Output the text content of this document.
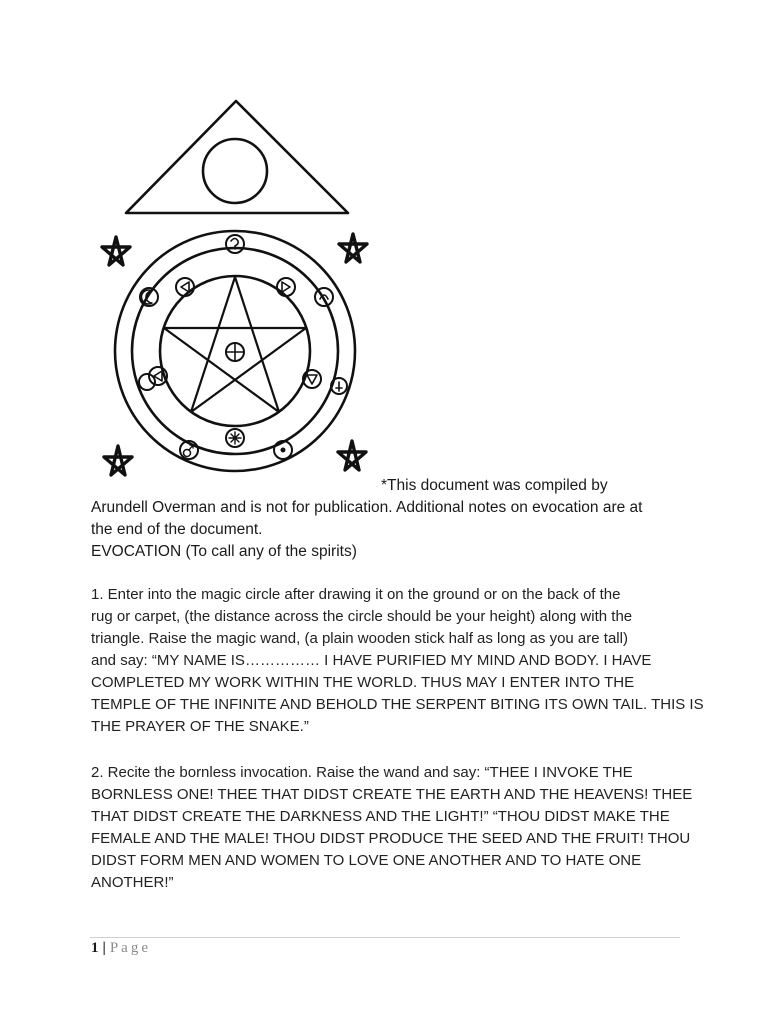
*This document was compiled by
Arundell Overman and is not for publication. Additional notes on evocation are at
the end of the document.
EVOCATION (To call any of the spirits)
1. Enter into the magic circle after drawing it on the ground or on the back of the
rug or carpet, (the distance across the circle should be your height) along with the
triangle. Raise the magic wand, (a plain wooden stick half as long as you are tall)
and say: “MY NAME IS…………… I HAVE PURIFIED MY MIND AND BODY. I HAVE
COMPLETED MY WORK WITHIN THE WORLD. THUS MAY I ENTER INTO THE
TEMPLE OF THE INFINITE AND BEHOLD THE SERPENT BITING ITS OWN TAIL. THIS IS
THE PRAYER OF THE SNAKE.”
2. Recite the bornless invocation. Raise the wand and say: “THEE I INVOKE THE
BORNLESS ONE! THEE THAT DIDST CREATE THE EARTH AND THE HEAVENS! THEE
THAT DIDST CREATE THE DARKNESS AND THE LIGHT!” “THOU DIDST MAKE THE
FEMALE AND THE MALE! THOU DIDST PRODUCE THE SEED AND THE FRUIT! THOU
DIDST FORM MEN AND WOMEN TO LOVE ONE ANOTHER AND TO HATE ONE
ANOTHER!”
1 | Page
